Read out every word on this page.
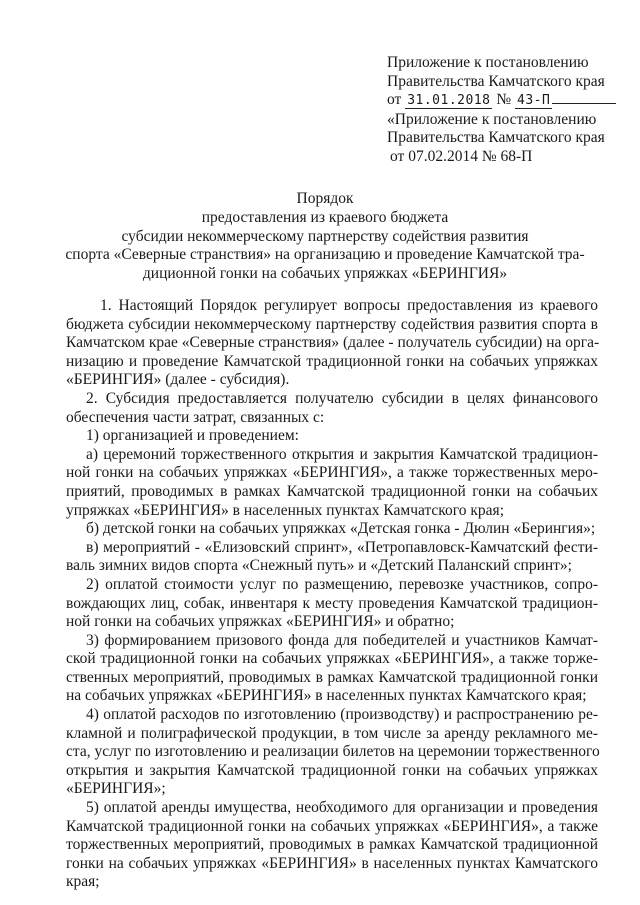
Приложение к постановлению
Правительства Камчатского края
от 31.01.2018 № 43-П
«Приложение к постановлению
Правительства Камчатского края
от 07.02.2014 № 68-П
Порядок
предоставления из краевого бюджета
субсидии некоммерческому партнерству содействия развития
спорта «Северные странствия» на организацию и проведение Камчатской тра-
диционной гонки на собачьих упряжках «БЕРИНГИЯ»

1. Настоящий Порядок регулирует вопросы предоставления из краевого
бюджета субсидии некоммерческому партнерству содействия развития спорта в
Камчатском крае «Северные странствия» (далее - получатель субсидии) на орга-
низацию и проведение Камчатской традиционной гонки на собачьих упряжках
«БЕРИНГИЯ» (далее - субсидия).

2. Субсидия предоставляется получателю субсидии в целях финансового
обеспечения части затрат, связанных с:

1) организацией и проведением:

а) церемоний торжественного открытия и закрытия Камчатской традицион-
ной гонки на собачьих упряжках «БЕРИНГИЯ», а также торжественных меро-
приятий, проводимых в рамках Камчатской традиционной гонки на собачьих
упряжках «БЕРИНГИЯ» в населенных пунктах Камчатского края;

б) детской гонки на собачьих упряжках «Детская гонка - Дюлин «Берингия»;

в) мероприятий - «Елизовский спринт», «Петропавловск-Камчатский фести-
валь зимних видов спорта «Снежный путь» и «Детский Паланский спринт»;

2) оплатой стоимости услуг по размещению, перевозке участников, сопро-
вождающих лиц, собак, инвентаря к месту проведения Камчатской традицион-
ной гонки на собачьих упряжках «БЕРИНГИЯ» и обратно;

3) формированием призового фонда для победителей и участников Камчат-
ской традиционной гонки на собачьих упряжках «БЕРИНГИЯ», а также торже-
ственных мероприятий, проводимых в рамках Камчатской традиционной гонки
на собачьих упряжках «БЕРИНГИЯ» в населенных пунктах Камчатского края;

4) оплатой расходов по изготовлению (производству) и распространению ре-
кламной и полиграфической продукции, в том числе за аренду рекламного ме-
ста, услуг по изготовлению и реализации билетов на церемонии торжественного
открытия и закрытия Камчатской традиционной гонки на собачьих упряжках
«БЕРИНГИЯ»;

5) оплатой аренды имущества, необходимого для организации и проведения
Камчатской традиционной гонки на собачьих упряжках «БЕРИНГИЯ», а также
торжественных мероприятий, проводимых в рамках Камчатской традиционной
гонки на собачьих упряжках «БЕРИНГИЯ» в населенных пунктах Камчатского
края;
